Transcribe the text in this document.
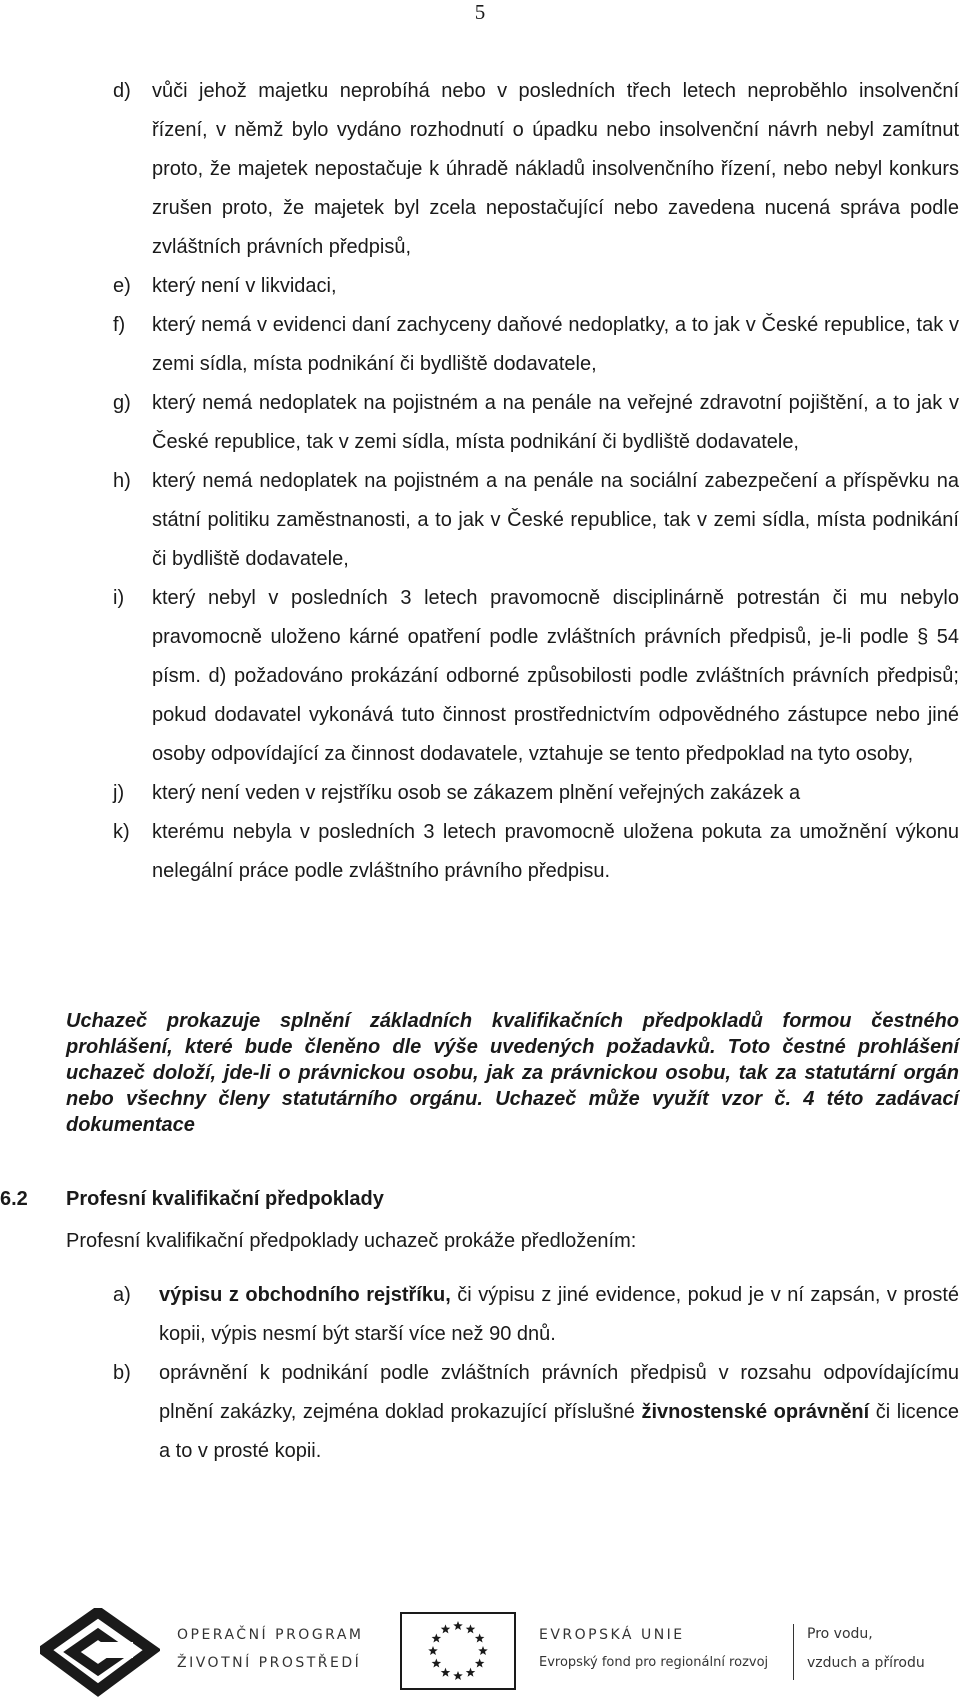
5
d) vůči jehož majetku neprobíhá nebo v posledních třech letech neproběhlo insolvenční řízení, v němž bylo vydáno rozhodnutí o úpadku nebo insolvenční návrh nebyl zamítnut proto, že majetek nepostačuje k úhradě nákladů insolvenčního řízení, nebo nebyl konkurs zrušen proto, že majetek byl zcela nepostačující nebo zavedena nucená správa podle zvláštních právních předpisů,
e) který není v likvidaci,
f) který nemá v evidenci daní zachyceny daňové nedoplatky, a to jak v České republice, tak v zemi sídla, místa podnikání či bydliště dodavatele,
g) který nemá nedoplatek na pojistném a na penále na veřejné zdravotní pojištění, a to jak v České republice, tak v zemi sídla, místa podnikání či bydliště dodavatele,
h) který nemá nedoplatek na pojistném a na penále na sociální zabezpečení a příspěvku na státní politiku zaměstnanosti, a to jak v České republice, tak v zemi sídla, místa podnikání či bydliště dodavatele,
i) který nebyl v posledních 3 letech pravomocně disciplinárně potrestán či mu nebylo pravomocně uloženo kárné opatření podle zvláštních právních předpisů, je-li podle § 54 písm. d) požadováno prokázání odborné způsobilosti podle zvláštních právních předpisů; pokud dodavatel vykonává tuto činnost prostřednictvím odpovědného zástupce nebo jiné osoby odpovídající za činnost dodavatele, vztahuje se tento předpoklad na tyto osoby,
j) který není veden v rejstříku osob se zákazem plnění veřejných zakázek a
k) kterému nebyla v posledních 3 letech pravomocně uložena pokuta za umožnění výkonu nelegální práce podle zvláštního právního předpisu.

Uchazeč prokazuje splnění základních kvalifikačních předpokladů formou čestného prohlášení, které bude členěno dle výše uvedených požadavků. Toto čestné prohlášení uchazeč doloží, jde-li o právnickou osobu, jak za právnickou osobu, tak za statutární orgán nebo všechny členy statutárního orgánu. Uchazeč může využít vzor č. 4 této zadávací dokumentace

6.2 Profesní kvalifikační předpoklady

Profesní kvalifikační předpoklady uchazeč prokáže předložením:

a) výpisu z obchodního rejstříku, či výpisu z jiné evidence, pokud je v ní zapsán, v prosté kopii, výpis nesmí být starší více než 90 dnů.
b) oprávnění k podnikání podle zvláštních právních předpisů v rozsahu odpovídajícímu plnění zakázky, zejména doklad prokazující příslušné živnostenské oprávnění či licence a to v prosté kopii.
OPERAČNÍ PROGRAM
ŽIVOTNÍ PROSTŘEDÍ
EVROPSKÁ UNIE
Evropský fond pro regionální rozvoj
Pro vodu,
vzduch a přírodu
